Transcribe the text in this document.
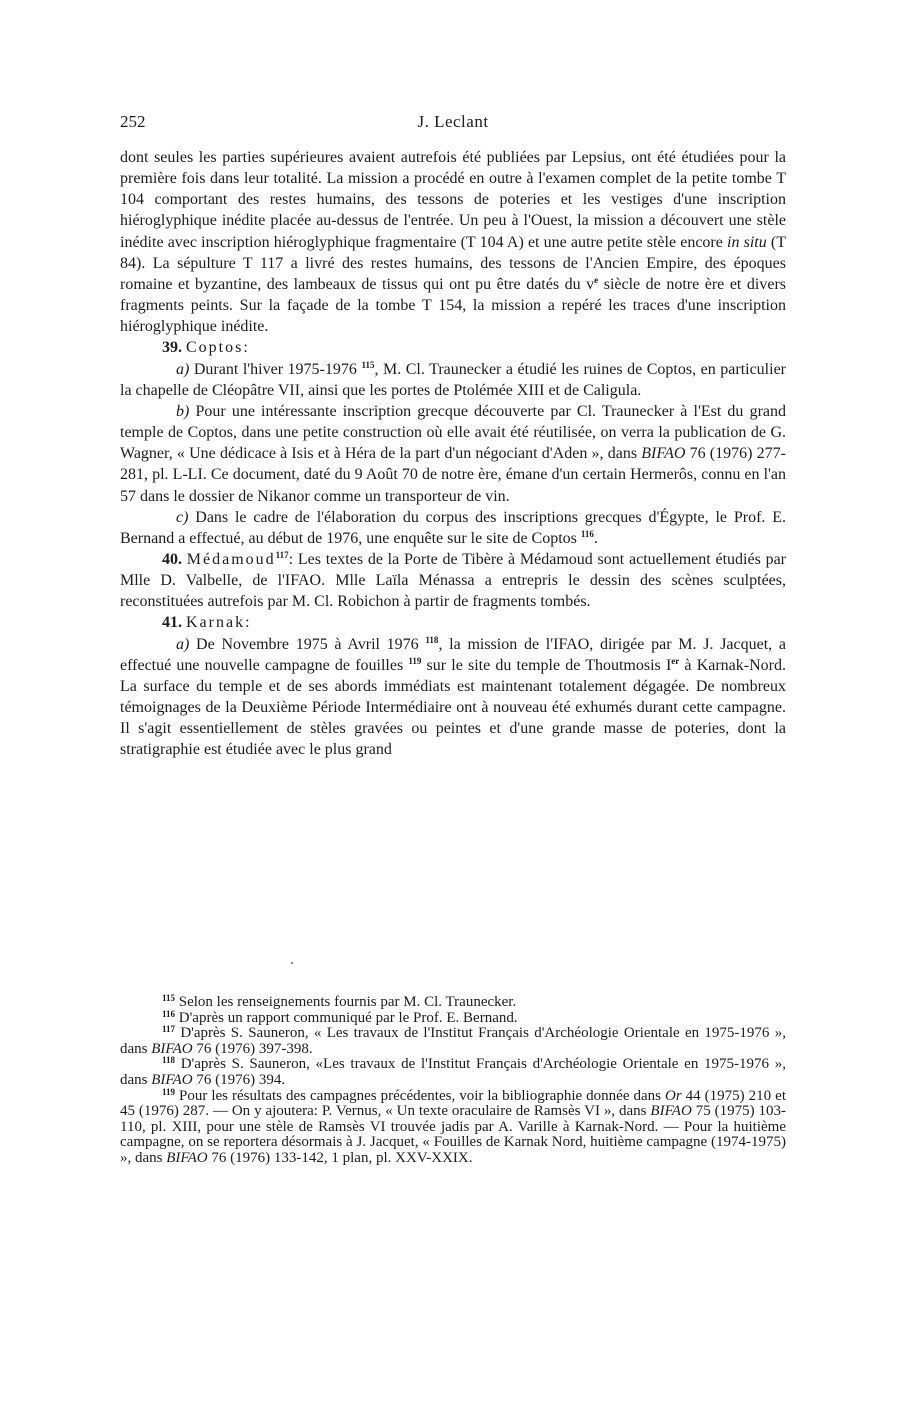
252	J. Leclant

dont seules les parties supérieures avaient autrefois été publiées par Lepsius, ont été étudiées pour la première fois dans leur totalité. La mission a procédé en outre à l'examen complet de la petite tombe T 104 comportant des restes humains, des tessons de poteries et les vestiges d'une inscription hiéroglyphique inédite placée au-dessus de l'entrée. Un peu à l'Ouest, la mission a découvert une stèle inédite avec inscription hiéroglyphique fragmentaire (T 104 A) et une autre petite stèle encore in situ (T 84). La sépulture T 117 a livré des restes humains, des tessons de l'Ancien Empire, des époques romaine et byzantine, des lambeaux de tissus qui ont pu être datés du $v^e$ siècle de notre ère et divers fragments peints. Sur la façade de la tombe T 154, la mission a repéré les traces d'une inscription hiéroglyphique inédite.

39. Coptos:

a) Durant l'hiver 1975-1976 $^{115}$, M. Cl. Traunecker a étudié les ruines de Coptos, en particulier la chapelle de Cléopâtre VII, ainsi que les portes de Ptolémée XIII et de Caligula.

b) Pour une intéressante inscription grecque découverte par Cl. Traunecker à l'Est du grand temple de Coptos, dans une petite construction où elle avait été réutilisée, on verra la publication de G. Wagner, « Une dédicace à Isis et à Héra de la part d'un négociant d'Aden », dans BIFAO 76 (1976) 277-281, pl. L-LI. Ce document, daté du 9 Août 70 de notre ère, émane d'un certain Hermerôs, connu en l'an 57 dans le dossier de Nikanor comme un transporteur de vin.

c) Dans le cadre de l'élaboration du corpus des inscriptions grecques d'Égypte, le Prof. E. Bernand a effectué, au début de 1976, une enquête sur le site de Coptos $^{116}$.

40. Médamoud$^{117}$: Les textes de la Porte de Tibère à Médamoud sont actuellement étudiés par Mlle D. Valbelle, de l'IFAO. Mlle Laïla Ménassa a entrepris le dessin des scènes sculptées, reconstituées autrefois par M. Cl. Robichon à partir de fragments tombés.

41. Karnak:

a) De Novembre 1975 à Avril 1976 $^{118}$, la mission de l'IFAO, dirigée par M. J. Jacquet, a effectué une nouvelle campagne de fouilles $^{119}$ sur le site du temple de Thoutmosis Ier à Karnak-Nord. La surface du temple et de ses abords immédiats est maintenant totalement dégagée. De nombreux témoignages de la Deuxième Période Intermédiaire ont à nouveau été exhumés durant cette campagne. Il s'agit essentiellement de stèles gravées ou peintes et d'une grande masse de poteries, dont la stratigraphie est étudiée avec le plus grand

$^{115}$ Selon les renseignements fournis par M. Cl. Traunecker.

$^{116}$ D'après un rapport communiqué par le Prof. E. Bernand.

$^{117}$ D'après S. Sauneron, « Les travaux de l'Institut Français d'Archéologie Orientale en 1975-1976 », dans BIFAO 76 (1976) 397-398.

$^{118}$ D'après S. Sauneron, «Les travaux de l'Institut Français d'Archéologie Orientale en 1975-1976 », dans BIFAO 76 (1976) 394.

$^{119}$ Pour les résultats des campagnes précédentes, voir la bibliographie donnée dans Or 44 (1975) 210 et 45 (1976) 287. — On y ajoutera: P. Vernus, « Un texte oraculaire de Ramsès VI », dans BIFAO 75 (1975) 103-110, pl. XIII, pour une stèle de Ramsès VI trouvée jadis par A. Varille à Karnak-Nord. — Pour la huitième campagne, on se reportera désormais à J. Jacquet, « Fouilles de Karnak Nord, huitième campagne (1974-1975) », dans BIFAO 76 (1976) 133-142, 1 plan, pl. XXV-XXIX.
